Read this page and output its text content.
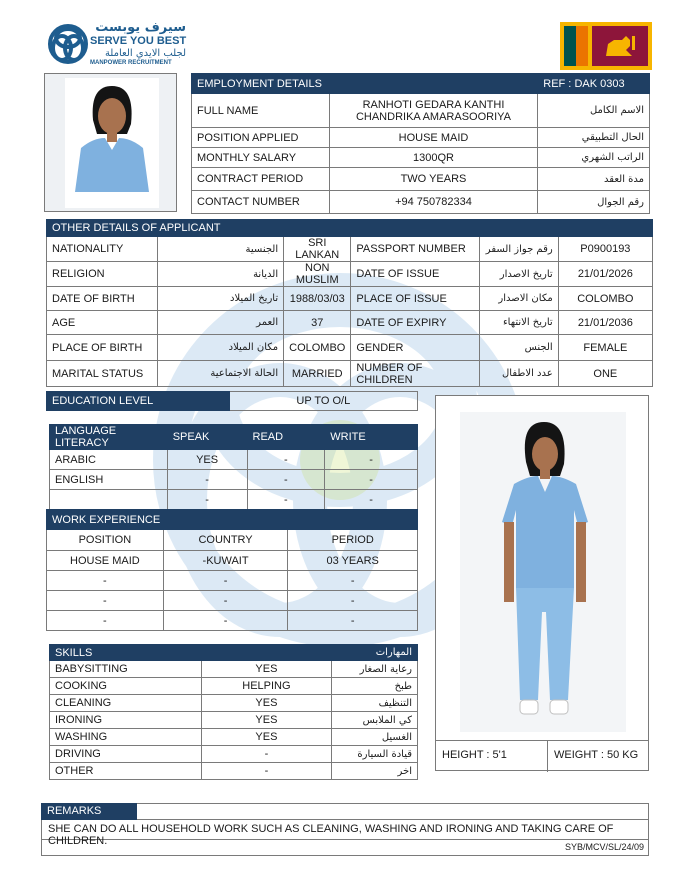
سيرف يوبست
SERVE YOU BEST
لجلب الايدي العاملة
MANPOWER RECRUITMENT
EMPLOYMENT DETAILS		REF : DAK 0303
FULL NAME	RANHOTI GEDARA KANTHI CHANDRIKA AMARASOORIYA	الاسم الكامل
POSITION APPLIED	HOUSE MAID	الحال التطبيقي
MONTHLY SALARY	1300QR	الراتب الشهري
CONTRACT PERIOD	TWO YEARS	مدة العقد
CONTACT NUMBER	+94 750782334	رقم الجوال
OTHER DETAILS OF APPLICANT					
NATIONALITY	الجنسية	SRI LANKAN	PASSPORT NUMBER	رقم جواز السفر	P0900193
RELIGION	الديانة	NON MUSLIM	DATE OF ISSUE	تاريخ الاصدار	21/01/2026
DATE OF BIRTH	تاريخ الميلاد	1988/03/03	PLACE OF ISSUE	مكان الاصدار	COLOMBO
AGE	العمر	37	DATE OF EXPIRY	تاريخ الانتهاء	21/01/2036
PLACE OF BIRTH	مكان الميلاد	COLOMBO	GENDER	الجنس	FEMALE
MARITAL STATUS	الحالة الاجتماعية	MARRIED	NUMBER OF CHILDREN	عدد الاطفال	ONE
EDUCATION LEVEL	UP TO O/L
LANGUAGE LITERACY	SPEAK	READ	WRITE
ARABIC	YES	-	-
ENGLISH	-	-	-
	-	-	-
WORK EXPERIENCE		
POSITION	COUNTRY	PERIOD
HOUSE MAID	-KUWAIT	03 YEARS
-	-	-
-	-	-
-	-	-
SKILLS		المهارات
BABYSITTING	YES	رعاية الصغار
COOKING	HELPING	طبخ
CLEANING	YES	التنظيف
IRONING	YES	كي الملابس
WASHING	YES	الغسيل
DRIVING	-	قيادة السيارة
OTHER	-	اخر
HEIGHT : 5'1	WEIGHT : 50 KG
REMARKS
SHE CAN DO ALL HOUSEHOLD WORK SUCH AS CLEANING, WASHING AND IRONING AND TAKING CARE OF CHILDREN.	SYB/MCV/SL/24/09
